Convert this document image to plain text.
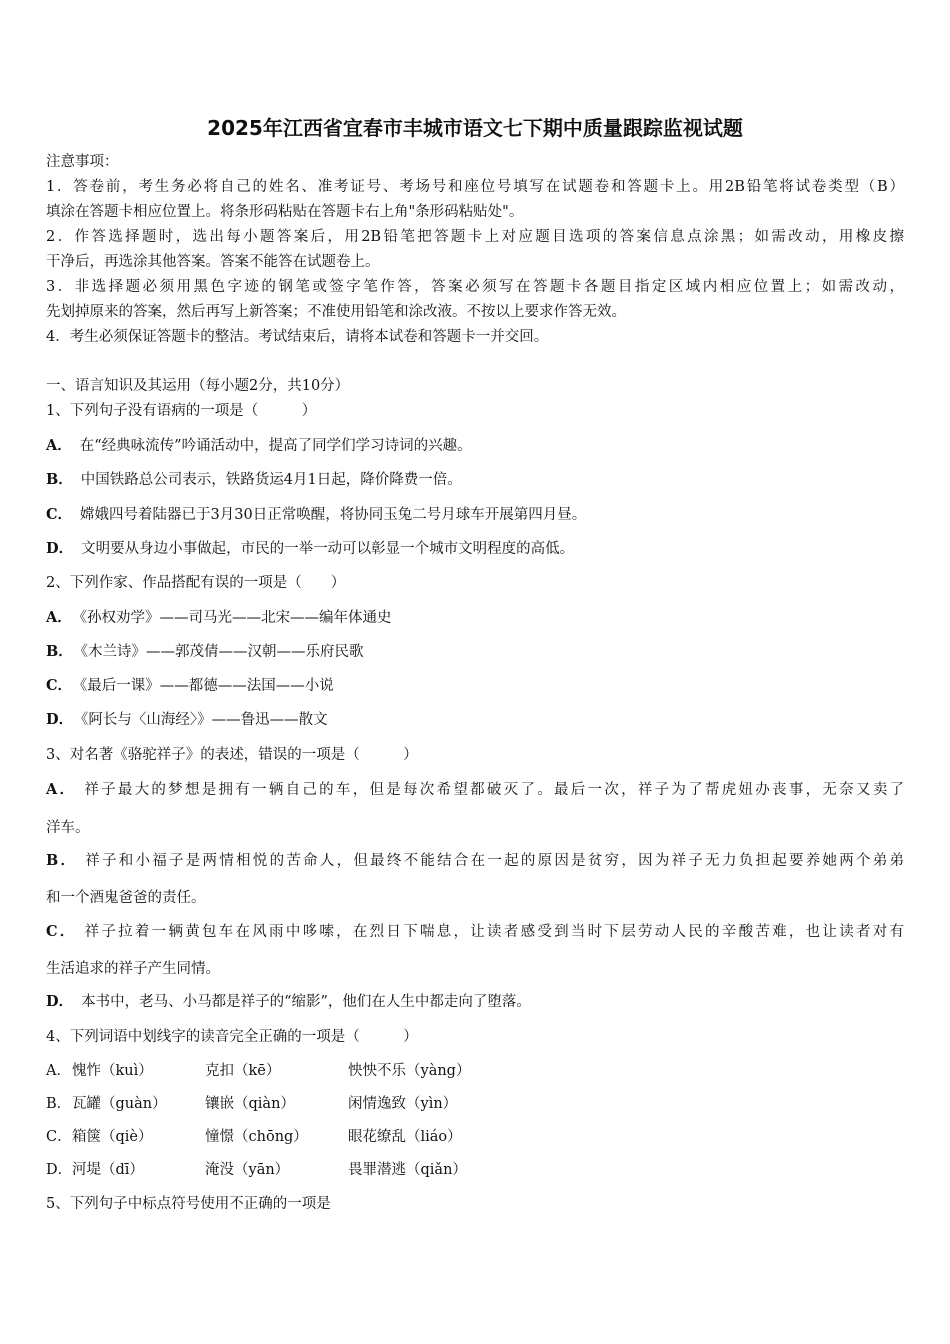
2025年江西省宜春市丰城市语文七下期中质量跟踪监视试题
注意事项：
1．答卷前，考生务必将自己的姓名、准考证号、考场号和座位号填写在试题卷和答题卡上。用2B铅笔将试卷类型（B）
填涂在答题卡相应位置上。将条形码粘贴在答题卡右上角"条形码粘贴处"。
2．作答选择题时，选出每小题答案后，用2B铅笔把答题卡上对应题目选项的答案信息点涂黑；如需改动，用橡皮擦
干净后，再选涂其他答案。答案不能答在试题卷上。
3．非选择题必须用黑色字迹的钢笔或签字笔作答，答案必须写在答题卡各题目指定区域内相应位置上；如需改动，
先划掉原来的答案，然后再写上新答案；不准使用铅笔和涂改液。不按以上要求作答无效。
4．考生必须保证答题卡的整洁。考试结束后，请将本试卷和答题卡一并交回。
一、语言知识及其运用（每小题2分，共10分）
1、下列句子没有语病的一项是（　　　）
A． 在“经典咏流传”吟诵活动中，提高了同学们学习诗词的兴趣。
B． 中国铁路总公司表示，铁路货运4月1日起，降价降费一倍。
C． 嫦娥四号着陆器已于3月30日正常唤醒，将协同玉兔二号月球车开展第四月昼。
D． 文明要从身边小事做起，市民的一举一动可以彰显一个城市文明程度的高低。
2、下列作家、作品搭配有误的一项是（　　）
A． 《孙权劝学》——司马光——北宋——编年体通史
B． 《木兰诗》——郭茂倩——汉朝——乐府民歌
C． 《最后一课》——都德——法国——小说
D． 《阿长与〈山海经〉》——鲁迅——散文
3、对名著《骆驼祥子》的表述，错误的一项是（　　　）
A． 祥子最大的梦想是拥有一辆自己的车，但是每次希望都破灭了。最后一次，祥子为了帮虎妞办丧事，无奈又卖了
洋车。
B． 祥子和小福子是两情相悦的苦命人，但最终不能结合在一起的原因是贫穷，因为祥子无力负担起要养她两个弟弟
和一个酒鬼爸爸的责任。
C． 祥子拉着一辆黄包车在风雨中哆嗦，在烈日下喘息，让读者感受到当时下层劳动人民的辛酸苦难，也让读者对有
生活追求的祥子产生同情。
D． 本书中，老马、小马都是祥子的“缩影”，他们在人生中都走向了堕落。
4、下列词语中划线字的读音完全正确的一项是（　　　）
A． 愧怍（kuì）	克扣（kē）	怏怏不乐（yàng）
B． 瓦罐（guàn）	镶嵌（qiàn）	闲情逸致（yìn）
C． 箱箧（qiè）	憧憬（chōng）	眼花缭乱（liáo）
D． 河堤（dī）	淹没（yān）	畏罪潜逃（qiǎn）
5、下列句子中标点符号使用不正确的一项是
